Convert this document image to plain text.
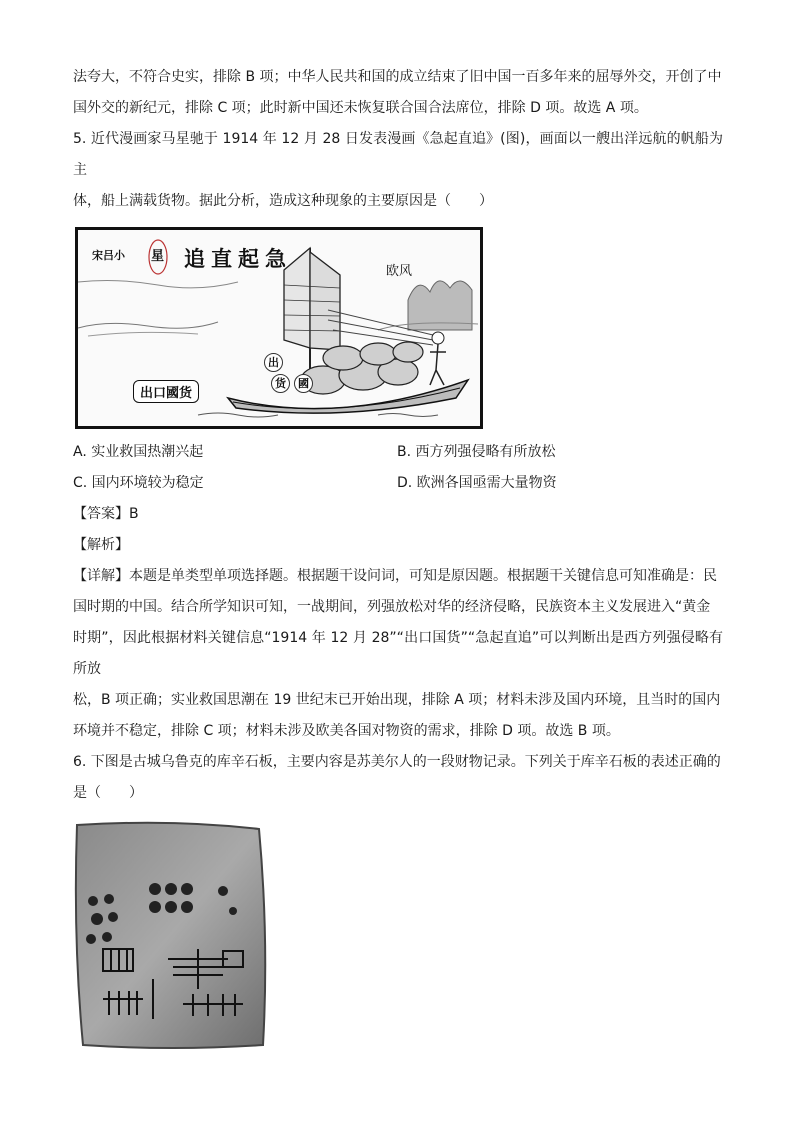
法夸大，不符合史实，排除 B 项；中华人民共和国的成立结束了旧中国一百多年来的屈辱外交，开创了中

国外交的新纪元，排除 C 项；此时新中国还未恢复联合国合法席位，排除 D 项。故选 A 项。

5. 近代漫画家马星驰于 1914 年 12 月 28 日发表漫画《急起直追》(图)，画面以一艘出洋远航的帆船为主

体，船上满载货物。据此分析，造成这种现象的主要原因是（　　）

宋吕小 星 追直起急
欧风
出口國货
出
货	國
A. 实业救国热潮兴起	B. 西方列强侵略有所放松
C. 国内环境较为稳定	D. 欧洲各国亟需大量物资

【答案】B

【解析】

【详解】本题是单类型单项选择题。根据题干设问词，可知是原因题。根据题干关键信息可知准确是：民

国时期的中国。结合所学知识可知，一战期间，列强放松对华的经济侵略，民族资本主义发展进入“黄金

时期”，因此根据材料关键信息“1914 年 12 月 28”“出口国货”“急起直追”可以判断出是西方列强侵略有所放

松，B 项正确；实业救国思潮在 19 世纪末已开始出现，排除 A 项；材料未涉及国内环境，且当时的国内

环境并不稳定，排除 C 项；材料未涉及欧美各国对物资的需求，排除 D 项。故选 B 项。

6. 下图是古城乌鲁克的库辛石板，主要内容是苏美尔人的一段财物记录。下列关于库辛石板的表述正确的

是（　　）
